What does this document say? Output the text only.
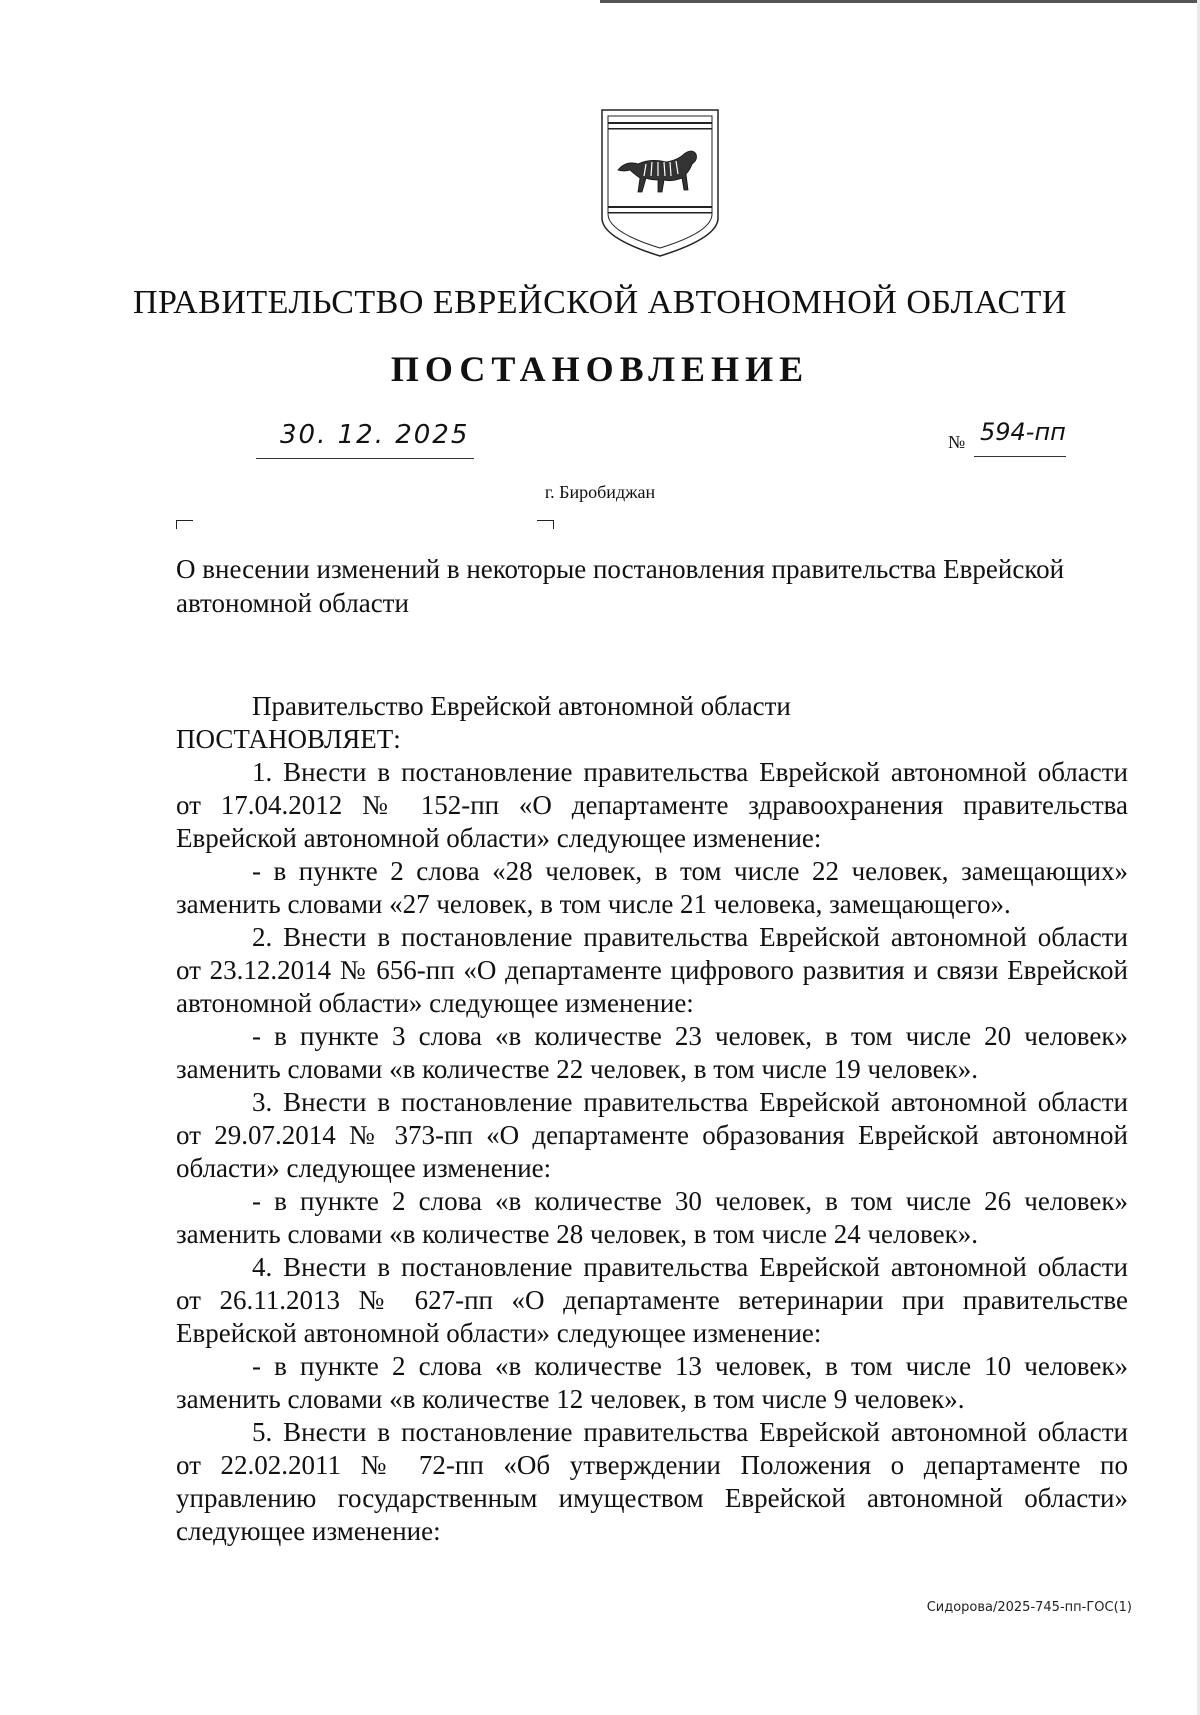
ПРАВИТЕЛЬСТВО ЕВРЕЙСКОЙ АВТОНОМНОЙ ОБЛАСТИ
ПОСТАНОВЛЕНИЕ
30. 12. 2025	№ 594-пп
г. Биробиджан
О внесении изменений в некоторые постановления правительства Еврейской автономной области

Правительство Еврейской автономной области

ПОСТАНОВЛЯЕТ:

1. Внести в постановление правительства Еврейской автономной области от 17.04.2012 № 152-пп «О департаменте здравоохранения правительства Еврейской автономной области» следующее изменение:

- в пункте 2 слова «28 человек, в том числе 22 человек, замещающих» заменить словами «27 человек, в том числе 21 человека, замещающего».

2. Внести в постановление правительства Еврейской автономной области от 23.12.2014 № 656-пп «О департаменте цифрового развития и связи Еврейской автономной области» следующее изменение:

- в пункте 3 слова «в количестве 23 человек, в том числе 20 человек» заменить словами «в количестве 22 человек, в том числе 19 человек».

3. Внести в постановление правительства Еврейской автономной области от 29.07.2014 № 373-пп «О департаменте образования Еврейской автономной области» следующее изменение:

- в пункте 2 слова «в количестве 30 человек, в том числе 26 человек» заменить словами «в количестве 28 человек, в том числе 24 человек».

4. Внести в постановление правительства Еврейской автономной области от 26.11.2013 № 627-пп «О департаменте ветеринарии при правительстве Еврейской автономной области» следующее изменение:

- в пункте 2 слова «в количестве 13 человек, в том числе 10 человек» заменить словами «в количестве 12 человек, в том числе 9 человек».

5. Внести в постановление правительства Еврейской автономной области от 22.02.2011 № 72-пп «Об утверждении Положения о департаменте по управлению государственным имуществом Еврейской автономной области» следующее изменение:

Сидорова/2025-745-пп-ГОС(1)
